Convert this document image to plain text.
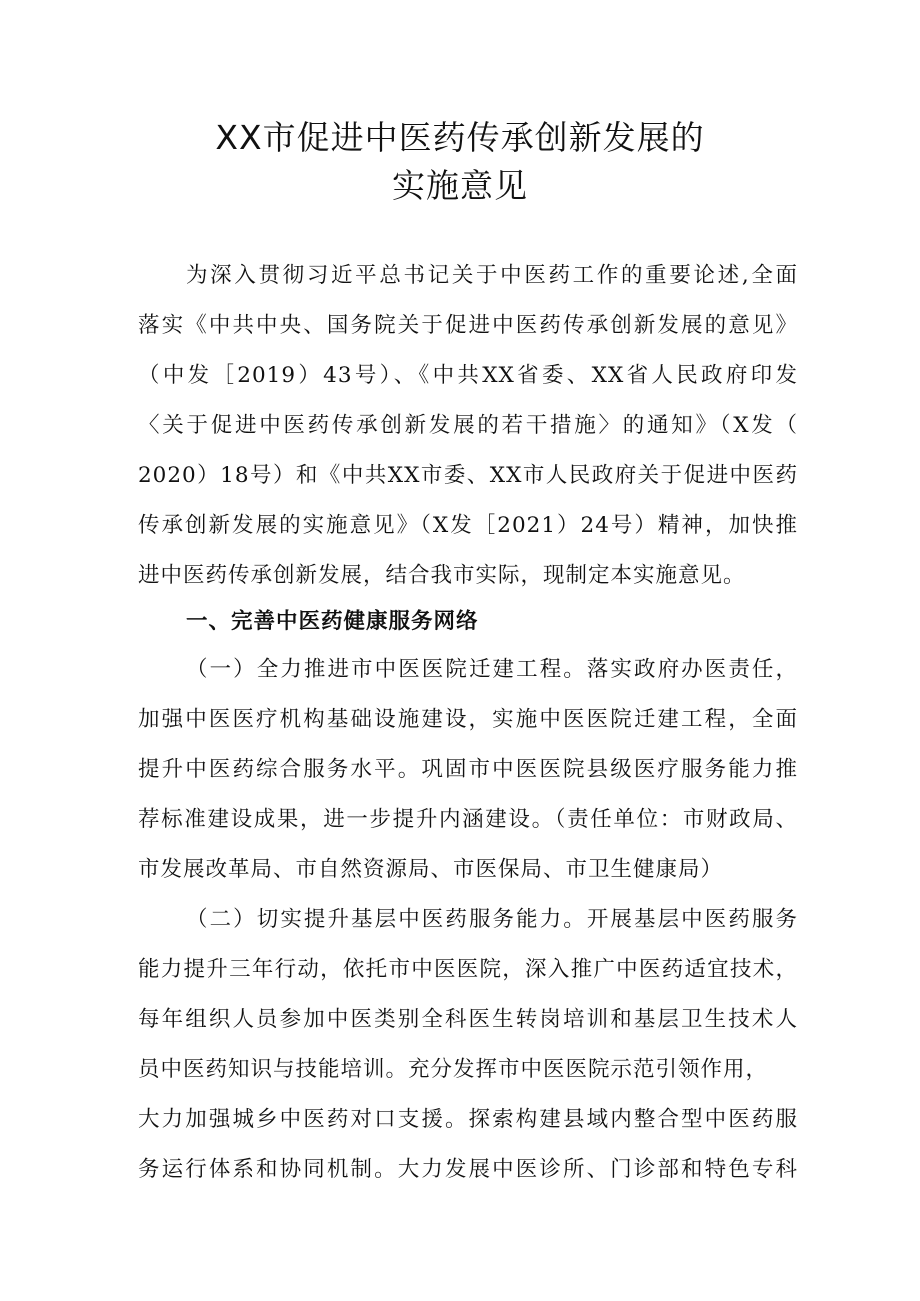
XX市促进中医药传承创新发展的
实施意见
为深入贯彻习近平总书记关于中医药工作的重要论述,全面
落实《中共中央、国务院关于促进中医药传承创新发展的意见》
（中发［2019）43号）、《中共XX省委、XX省人民政府印发
〈关于促进中医药传承创新发展的若干措施〉的通知》（X发（
2020）18号）和《中共XX市委、XX市人民政府关于促进中医药
传承创新发展的实施意见》（X发［2021）24号）精神，加快推
进中医药传承创新发展，结合我市实际，现制定本实施意见。
一、完善中医药健康服务网络
（一）全力推进市中医医院迁建工程。落实政府办医责任，
加强中医医疗机构基础设施建设，实施中医医院迁建工程，全面
提升中医药综合服务水平。巩固市中医医院县级医疗服务能力推
荐标准建设成果，进一步提升内涵建设。（责任单位：市财政局、
市发展改革局、市自然资源局、市医保局、市卫生健康局）
（二）切实提升基层中医药服务能力。开展基层中医药服务
能力提升三年行动，依托市中医医院，深入推广中医药适宜技术，
每年组织人员参加中医类别全科医生转岗培训和基层卫生技术人
员中医药知识与技能培训。充分发挥市中医医院示范引领作用，
大力加强城乡中医药对口支援。探索构建县域内整合型中医药服
务运行体系和协同机制。大力发展中医诊所、门诊部和特色专科
